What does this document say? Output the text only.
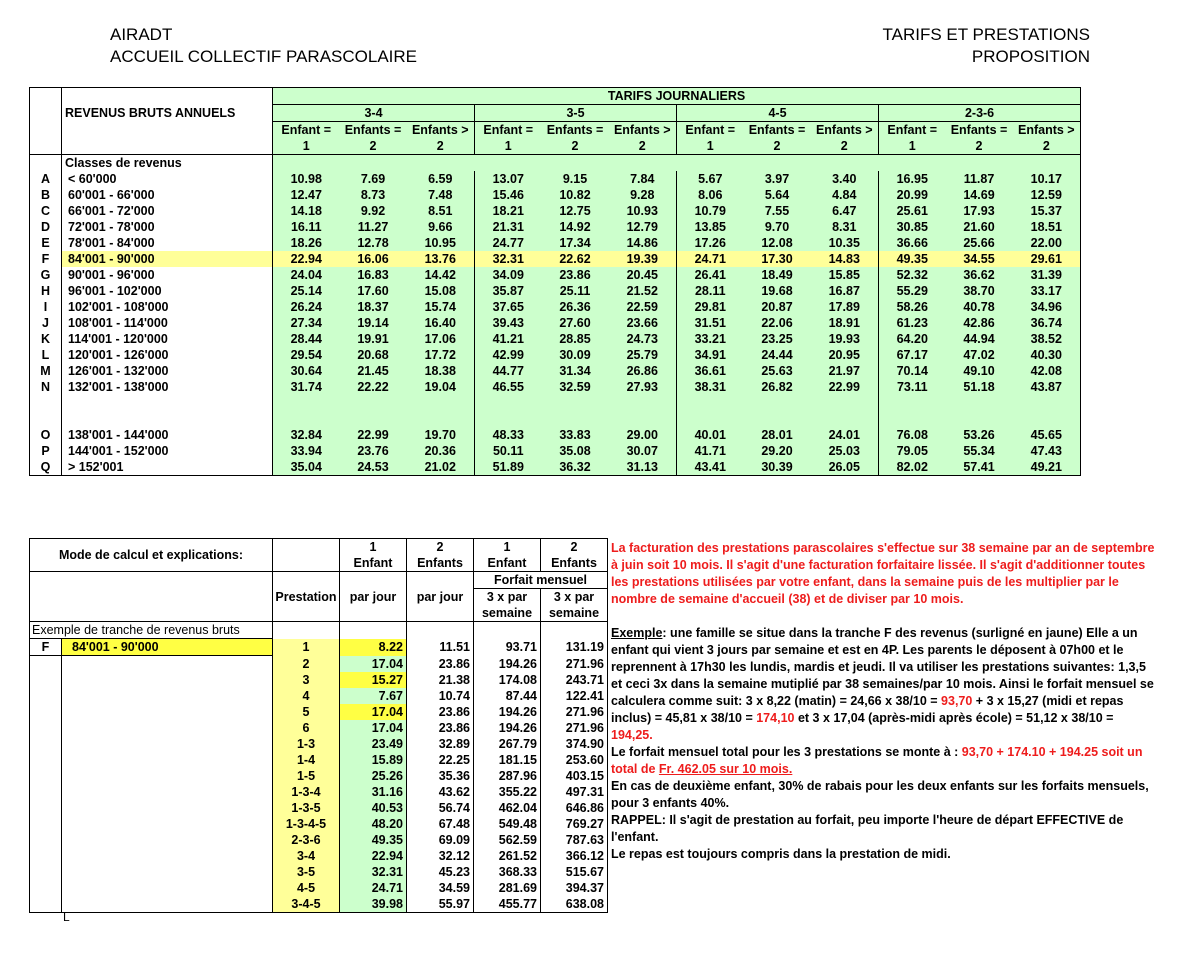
AIRADT
ACCUEIL COLLECTIF PARASCOLAIRE
TARIFS ET PRESTATIONS
PROPOSITION
		TARIFS JOURNALIERS											
	REVENUS BRUTS ANNUELS	3-4			3-5			4-5			2-3-6		
		Enfant =	Enfants =	Enfants >	Enfant =	Enfants =	Enfants >	Enfant =	Enfants =	Enfants >	Enfant =	Enfants =	Enfants >
		1	2	2	1	2	2	1	2	2	1	2	2
	Classes de revenus												
A	< 60'000	10.98	7.69	6.59	13.07	9.15	7.84	5.67	3.97	3.40	16.95	11.87	10.17
B	60'001 - 66'000	12.47	8.73	7.48	15.46	10.82	9.28	8.06	5.64	4.84	20.99	14.69	12.59
C	66'001 - 72'000	14.18	9.92	8.51	18.21	12.75	10.93	10.79	7.55	6.47	25.61	17.93	15.37
D	72'001 - 78'000	16.11	11.27	9.66	21.31	14.92	12.79	13.85	9.70	8.31	30.85	21.60	18.51
E	78'001 - 84'000	18.26	12.78	10.95	24.77	17.34	14.86	17.26	12.08	10.35	36.66	25.66	22.00
F	84'001 - 90'000	22.94	16.06	13.76	32.31	22.62	19.39	24.71	17.30	14.83	49.35	34.55	29.61
G	90'001 - 96'000	24.04	16.83	14.42	34.09	23.86	20.45	26.41	18.49	15.85	52.32	36.62	31.39
H	96'001 - 102'000	25.14	17.60	15.08	35.87	25.11	21.52	28.11	19.68	16.87	55.29	38.70	33.17
I	102'001 - 108'000	26.24	18.37	15.74	37.65	26.36	22.59	29.81	20.87	17.89	58.26	40.78	34.96
J	108'001 - 114'000	27.34	19.14	16.40	39.43	27.60	23.66	31.51	22.06	18.91	61.23	42.86	36.74
K	114'001 - 120'000	28.44	19.91	17.06	41.21	28.85	24.73	33.21	23.25	19.93	64.20	44.94	38.52
L	120'001 - 126'000	29.54	20.68	17.72	42.99	30.09	25.79	34.91	24.44	20.95	67.17	47.02	40.30
M	126'001 - 132'000	30.64	21.45	18.38	44.77	31.34	26.86	36.61	25.63	21.97	70.14	49.10	42.08
N	132'001 - 138'000	31.74	22.22	19.04	46.55	32.59	27.93	38.31	26.82	22.99	73.11	51.18	43.87

O	138'001 - 144'000	32.84	22.99	19.70	48.33	33.83	29.00	40.01	28.01	24.01	76.08	53.26	45.65
P	144'001 - 152'000	33.94	23.76	20.36	50.11	35.08	30.07	41.71	29.20	25.03	79.05	55.34	47.43
Q	> 152'001	35.04	24.53	21.02	51.89	36.32	31.13	43.41	30.39	26.05	82.02	57.41	49.21
Mode de calcul et explications:			1	2	1	2
			Enfant	Enfants	Enfant	Enfants
		Prestation	par jour	par jour	Forfait mensuel	
					3 x par	3 x par
					semaine	semaine
Exemple de tranche de revenus bruts						
F	84'001 - 90'000	1	8.22	11.51	93.71	131.19
		2	17.04	23.86	194.26	271.96
		3	15.27	21.38	174.08	243.71
		4	7.67	10.74	87.44	122.41
		5	17.04	23.86	194.26	271.96
		6	17.04	23.86	194.26	271.96
		1-3	23.49	32.89	267.79	374.90
		1-4	15.89	22.25	181.15	253.60
		1-5	25.26	35.36	287.96	403.15
		1-3-4	31.16	43.62	355.22	497.31
		1-3-5	40.53	56.74	462.04	646.86
		1-3-4-5	48.20	67.48	549.48	769.27
		2-3-6	49.35	69.09	562.59	787.63
		3-4	22.94	32.12	261.52	366.12
		3-5	32.31	45.23	368.33	515.67
		4-5	24.71	34.59	281.69	394.37
		3-4-5	39.98	55.97	455.77	638.08

La facturation des prestations parascolaires s'effectue sur 38 semaine par an de septembre à juin soit 10 mois. Il s'agit d'une facturation forfaitaire lissée. Il s'agit d'additionner toutes les prestations utilisées par votre enfant, dans la semaine puis de les multiplier par le nombre de semaine d'accueil (38) et de diviser par 10 mois.

Exemple: une famille se situe dans la tranche F des revenus (surligné en jaune) Elle a un enfant qui vient 3 jours par semaine et est en 4P. Les parents le déposent à 07h00 et le reprennent à 17h30 les lundis, mardis et jeudi. Il va utiliser les prestations suivantes: 1,3,5 et ceci 3x dans la semaine mutiplié par 38 semaines/par 10 mois. Ainsi le forfait mensuel se calculera comme suit: 3 x 8,22 (matin) = 24,66 x 38/10 = 93,70 + 3 x 15,27 (midi et repas inclus) = 45,81 x 38/10 = 174,10 et 3 x 17,04 (après-midi après école) = 51,12 x 38/10 = 194,25.

Le forfait mensuel total pour les 3 prestations se monte à : 93,70 + 174.10 + 194.25 soit un total de Fr. 462.05 sur 10 mois.

En cas de deuxième enfant, 30% de rabais pour les deux enfants sur les forfaits mensuels, pour 3 enfants 40%.

RAPPEL: Il s'agit de prestation au forfait, peu importe l'heure de départ EFFECTIVE de l'enfant.

Le repas est toujours compris dans la prestation de midi.

L
